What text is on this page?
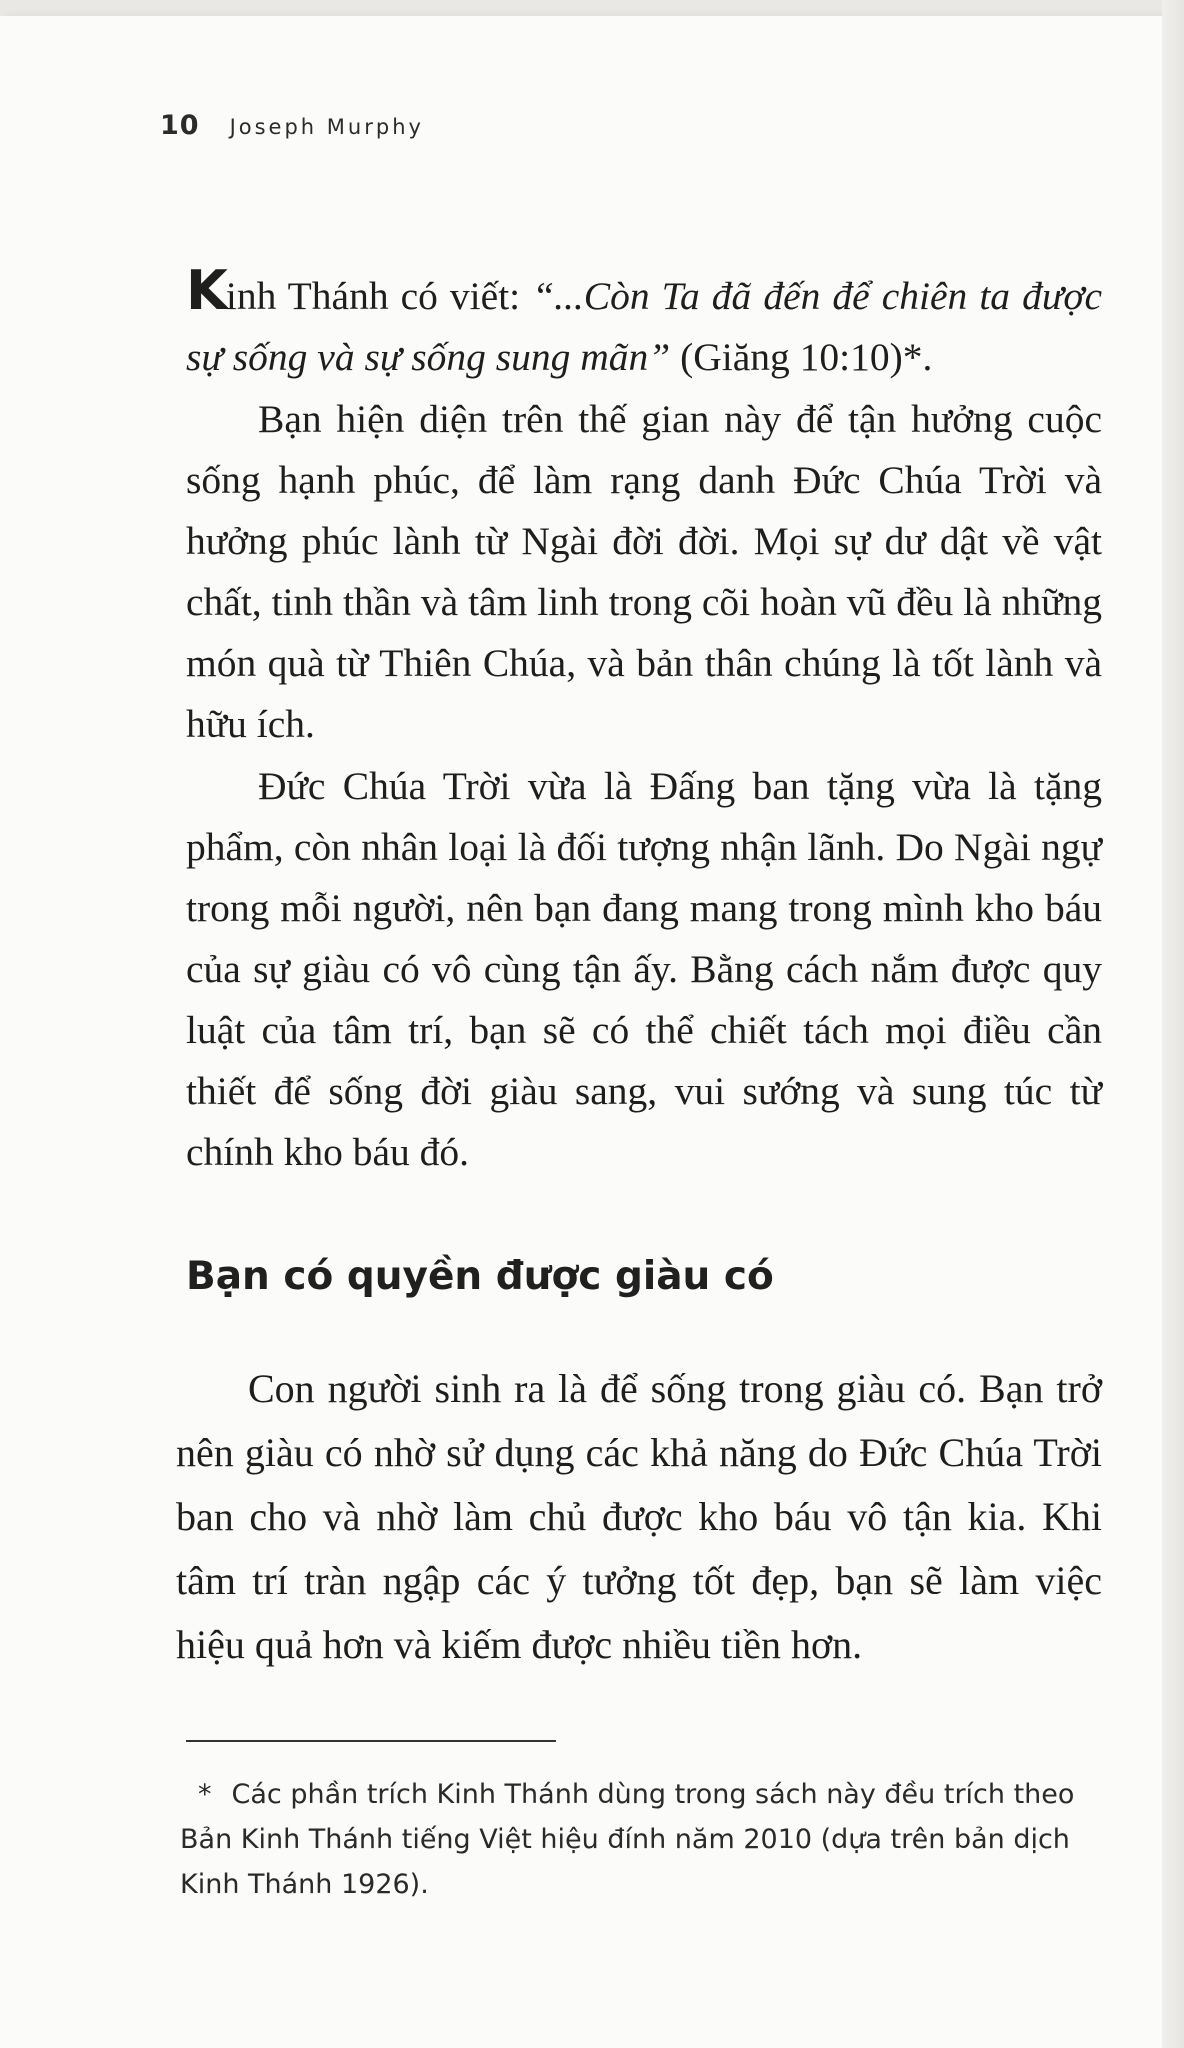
10 Joseph Murphy

Kinh Thánh có viết: “...Còn Ta đã đến để chiên ta được sự sống và sự sống sung mãn” (Giăng 10:10)*.

Bạn hiện diện trên thế gian này để tận hưởng cuộc sống hạnh phúc, để làm rạng danh Đức Chúa Trời và hưởng phúc lành từ Ngài đời đời. Mọi sự dư dật về vật chất, tinh thần và tâm linh trong cõi hoàn vũ đều là những món quà từ Thiên Chúa, và bản thân chúng là tốt lành và hữu ích.

Đức Chúa Trời vừa là Đấng ban tặng vừa là tặng phẩm, còn nhân loại là đối tượng nhận lãnh. Do Ngài ngự trong mỗi người, nên bạn đang mang trong mình kho báu của sự giàu có vô cùng tận ấy. Bằng cách nắm được quy luật của tâm trí, bạn sẽ có thể chiết tách mọi điều cần thiết để sống đời giàu sang, vui sướng và sung túc từ chính kho báu đó.

Bạn có quyền được giàu có

Con người sinh ra là để sống trong giàu có. Bạn trở nên giàu có nhờ sử dụng các khả năng do Đức Chúa Trời ban cho và nhờ làm chủ được kho báu vô tận kia. Khi tâm trí tràn ngập các ý tưởng tốt đẹp, bạn sẽ làm việc hiệu quả hơn và kiếm được nhiều tiền hơn.

* Các phần trích Kinh Thánh dùng trong sách này đều trích theo Bản Kinh Thánh tiếng Việt hiệu đính năm 2010 (dựa trên bản dịch Kinh Thánh 1926).
